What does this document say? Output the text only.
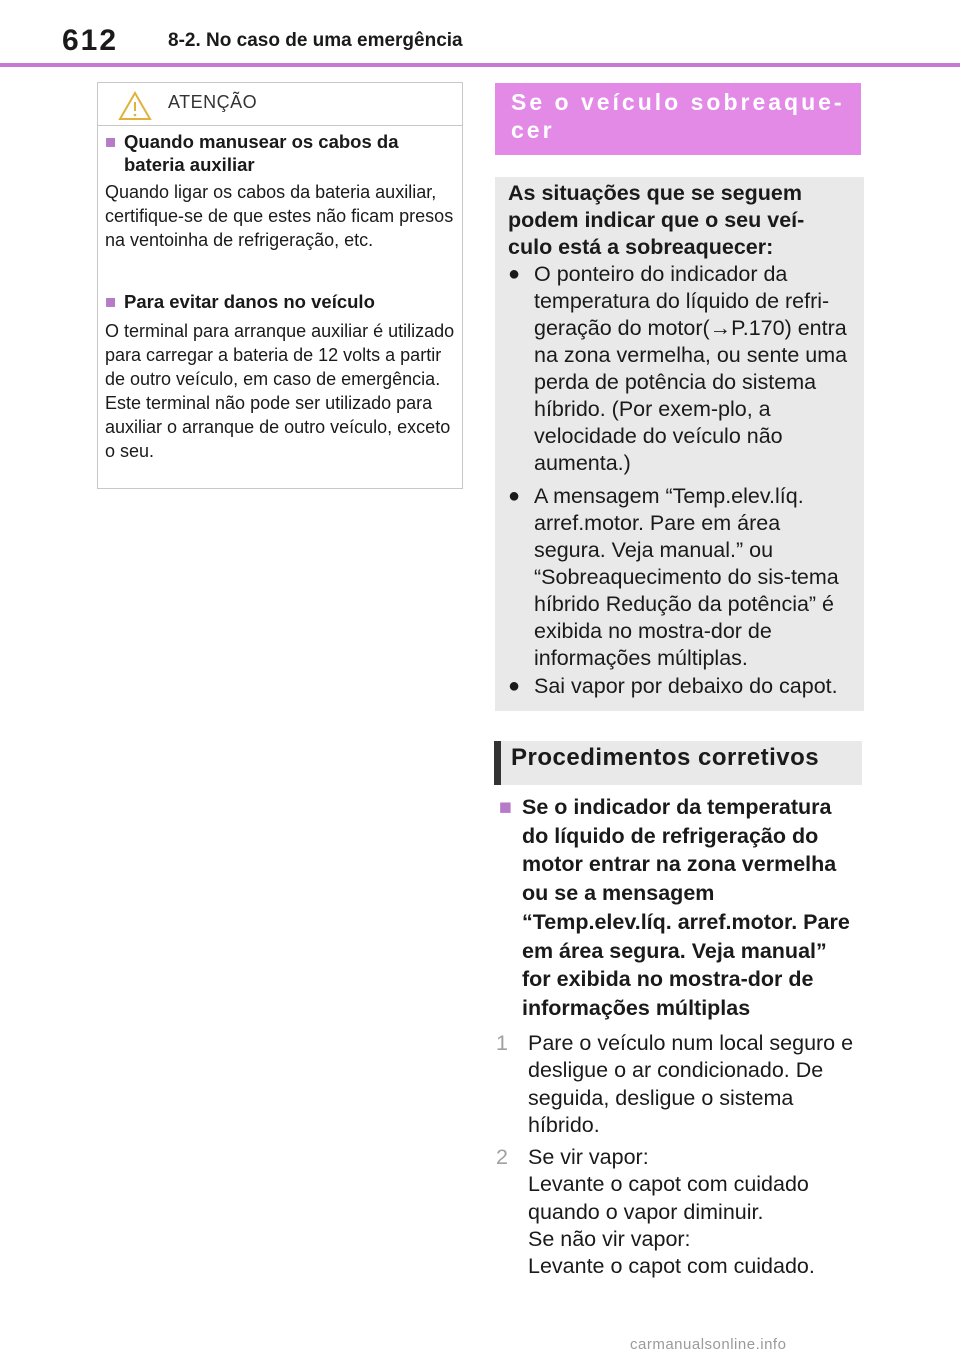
612	8-2. No caso de uma emergência
ATENÇÃO
■ Quando manusear os cabos da bateria auxiliar
Quando ligar os cabos da bateria auxiliar, certifique-se de que estes não ficam presos na ventoinha de refrigeração, etc.
■ Para evitar danos no veículo
O terminal para arranque auxiliar é utilizado para carregar a bateria de 12 volts a partir de outro veículo, em caso de emergência. Este terminal não pode ser utilizado para auxiliar o arranque de outro veículo, exceto o seu.
Se o veículo sobreaque-cer
As situações que se seguem podem indicar que o seu veí-culo está a sobreaquecer:
● O ponteiro do indicador da temperatura do líquido de refri-geração do motor(→P.170) entra na zona vermelha, ou sente uma perda de potência do sistema híbrido. (Por exem-plo, a velocidade do veículo não aumenta.)
● A mensagem “Temp.elev.líq. arref.motor. Pare em área segura. Veja manual.” ou “Sobreaquecimento do sis-tema híbrido Redução da potência” é exibida no mostra-dor de informações múltiplas.
● Sai vapor por debaixo do capot.
Procedimentos corretivos
■ Se o indicador da temperatura do líquido de refrigeração do motor entrar na zona vermelha ou se a mensagem “Temp.elev.líq. arref.motor. Pare em área segura. Veja manual” for exibida no mostra-dor de informações múltiplas
1 Pare o veículo num local seguro e desligue o ar condicionado. De seguida, desligue o sistema híbrido.
2 Se vir vapor:
Levante o capot com cuidado quando o vapor diminuir.
Se não vir vapor:
Levante o capot com cuidado.
carmanualsonline.info
